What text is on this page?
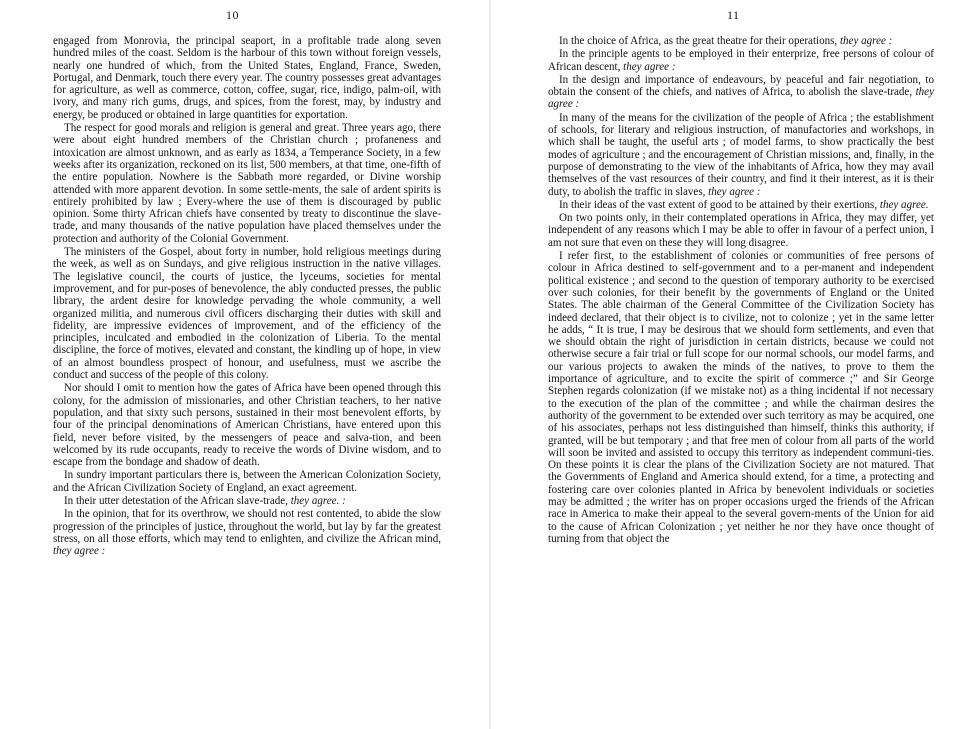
10

engaged from Monrovia, the principal seaport, in a profitable trade along seven hundred miles of the coast. Seldom is the harbour of this town without foreign vessels, nearly one hundred of which, from the United States, England, France, Sweden, Portugal, and Denmark, touch there every year. The country possesses great advantages for agriculture, as well as commerce, cotton, coffee, sugar, rice, indigo, palm-oil, with ivory, and many rich gums, drugs, and spices, from the forest, may, by industry and energy, be produced or obtained in large quantities for exportation.

The respect for good morals and religion is general and great. Three years ago, there were about eight hundred members of the Christian church ; profaneness and intoxication are almost unknown, and as early as 1834, a Temperance Society, in a few weeks after its organization, reckoned on its list, 500 members, at that time, one-fifth of the entire population. Nowhere is the Sabbath more regarded, or Divine worship attended with more apparent devotion. In some settle-ments, the sale of ardent spirits is entirely prohibited by law ; Every-where the use of them is discouraged by public opinion. Some thirty African chiefs have consented by treaty to discontinue the slave-trade, and many thousands of the native population have placed themselves under the protection and authority of the Colonial Government.

The ministers of the Gospel, about forty in number, hold religious meetings during the week, as well as on Sundays, and give religious instruction in the native villages. The legislative council, the courts of justice, the lyceums, societies for mental improvement, and for pur-poses of benevolence, the ably conducted presses, the public library, the ardent desire for knowledge pervading the whole community, a well organized militia, and numerous civil officers discharging their duties with skill and fidelity, are impressive evidences of improvement, and of the efficiency of the principles, inculcated and embodied in the colonization of Liberia. To the mental discipline, the force of motives, elevated and constant, the kindling up of hope, in view of an almost boundless prospect of honour, and usefulness, must we ascribe the conduct and success of the people of this colony.

Nor should I omit to mention how the gates of Africa have been opened through this colony, for the admission of missionaries, and other Christian teachers, to her native population, and that sixty such persons, sustained in their most benevolent efforts, by four of the principal denominations of American Christians, have entered upon this field, never before visited, by the messengers of peace and salva-tion, and been welcomed by its rude occupants, ready to receive the words of Divine wisdom, and to escape from the bondage and shadow of death.

In sundry important particulars there is, between the American Colonization Society, and the African Civilization Society of England, an exact agreement.

In their utter detestation of the African slave-trade, they agree. :

In the opinion, that for its overthrow, we should not rest contented, to abide the slow progression of the principles of justice, throughout the world, but lay by far the greatest stress, on all those efforts, which may tend to enlighten, and civilize the African mind, they agree :

11

In the choice of Africa, as the great theatre for their operations, they agree :

In the principle agents to be employed in their enterprize, free persons of colour of African descent, they agree :

In the design and importance of endeavours, by peaceful and fair negotiation, to obtain the consent of the chiefs, and natives of Africa, to abolish the slave-trade, they agree :

In many of the means for the civilization of the people of Africa ; the establishment of schools, for literary and religious instruction, of manufactories and workshops, in which shall be taught, the useful arts ; of model farms, to show practically the best modes of agriculture ; and the encouragement of Christian missions, and, finally, in the purpose of demonstrating to the view of the inhabitants of Africa, how they may avail themselves of the vast resources of their country, and find it their interest, as it is their duty, to abolish the traffic in slaves, they agree :

In their ideas of the vast extent of good to be attained by their exertions, they agree.

On two points only, in their contemplated operations in Africa, they may differ, yet independent of any reasons which I may be able to offer in favour of a perfect union, I am not sure that even on these they will long disagree.

I refer first, to the establishment of colonies or communities of free persons of colour in Africa destined to self-government and to a per-manent and independent political existence ; and second to the question of temporary authority to be exercised over such colonies, for their benefit by the governments of England or the United States. The able chairman of the General Committee of the Civilization Society has indeed declared, that their object is to civilize, not to colonize ; yet in the same letter he adds, “ It is true, I may be desirous that we should form settlements, and even that we should obtain the right of jurisdiction in certain districts, because we could not otherwise secure a fair trial or full scope for our normal schools, our model farms, and our various projects to awaken the minds of the natives, to prove to them the importance of agriculture, and to excite the spirit of commerce ;” and Sir George Stephen regards colonization (if we mistake not) as a thing incidental if not necessary to the execution of the plan of the committee ; and while the chairman desires the authority of the government to be extended over such territory as may be acquired, one of his associates, perhaps not less distinguished than himself, thinks this authority, if granted, will be but temporary ; and that free men of colour from all parts of the world will soon be invited and assisted to occupy this territory as independent communi-ties. On these points it is clear the plans of the Civilization Society are not matured. That the Governments of England and America should extend, for a time, a protecting and fostering care over colonies planted in Africa by benevolent individuals or societies may be admitted ; the writer has on proper occasions urged the friends of the African race in America to make their appeal to the several govern-ments of the Union for aid to the cause of African Colonization ; yet neither he nor they have once thought of turning from that object the
